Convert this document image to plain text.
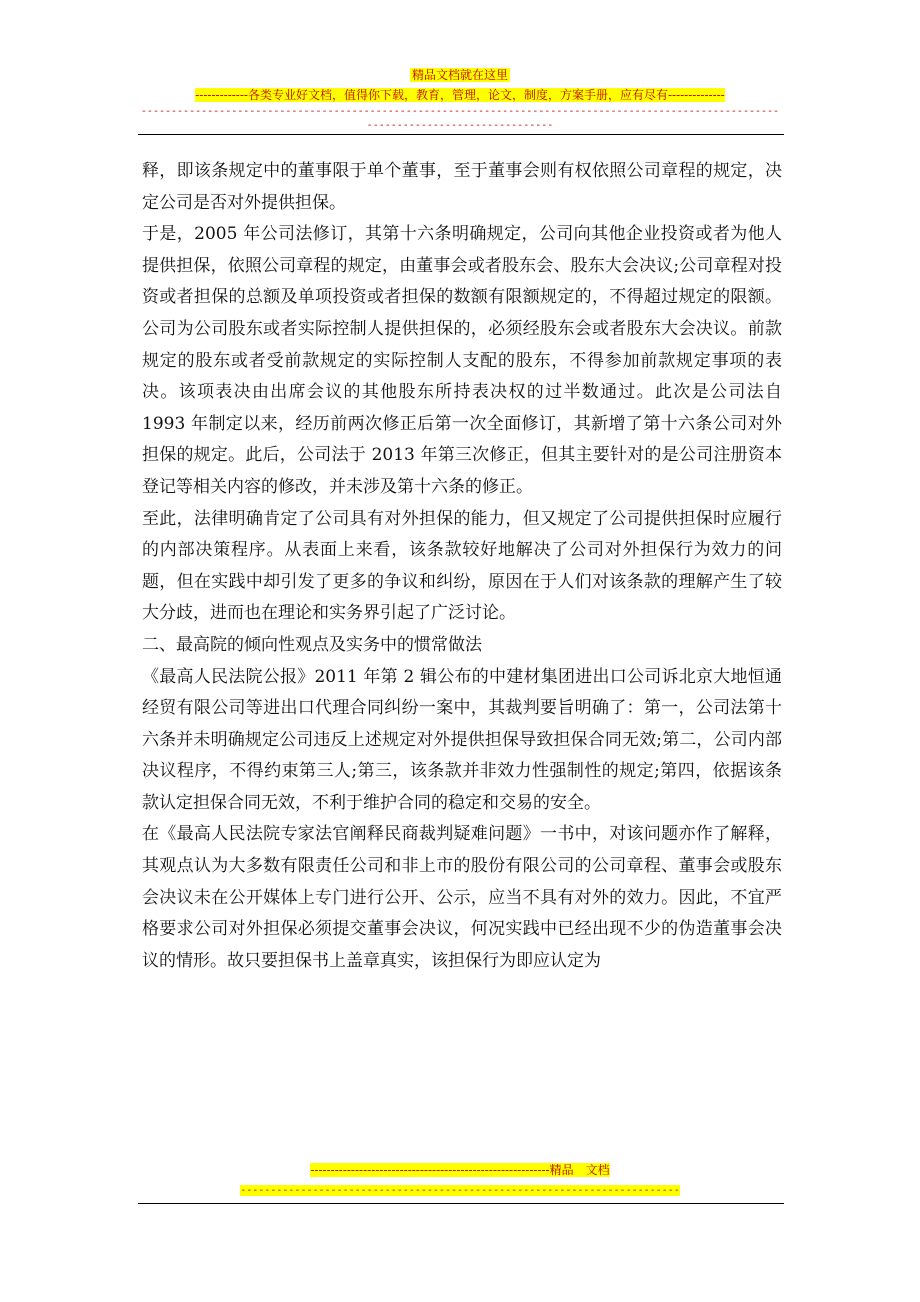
精品文档就在这里
-------------各类专业好文档，值得你下载，教育，管理，论文，制度，方案手册，应有尽有--------------
-----------------------------------------------------------------------------------------------------------------------------------------

释，即该条规定中的董事限于单个董事，至于董事会则有权依照公司章程的规定，决定公司是否对外提供担保。

于是，2005 年公司法修订，其第十六条明确规定，公司向其他企业投资或者为他人提供担保，依照公司章程的规定，由董事会或者股东会、股东大会决议;公司章程对投资或者担保的总额及单项投资或者担保的数额有限额规定的，不得超过规定的限额。公司为公司股东或者实际控制人提供担保的，必须经股东会或者股东大会决议。前款规定的股东或者受前款规定的实际控制人支配的股东，不得参加前款规定事项的表决。该项表决由出席会议的其他股东所持表决权的过半数通过。此次是公司法自 1993 年制定以来，经历前两次修正后第一次全面修订，其新增了第十六条公司对外担保的规定。此后，公司法于 2013 年第三次修正，但其主要针对的是公司注册资本登记等相关内容的修改，并未涉及第十六条的修正。

至此，法律明确肯定了公司具有对外担保的能力，但又规定了公司提供担保时应履行的内部决策程序。从表面上来看，该条款较好地解决了公司对外担保行为效力的问题，但在实践中却引发了更多的争议和纠纷，原因在于人们对该条款的理解产生了较大分歧，进而也在理论和实务界引起了广泛讨论。

二、最高院的倾向性观点及实务中的惯常做法

《最高人民法院公报》2011 年第 2 辑公布的中建材集团进出口公司诉北京大地恒通经贸有限公司等进出口代理合同纠纷一案中，其裁判要旨明确了：第一，公司法第十六条并未明确规定公司违反上述规定对外提供担保导致担保合同无效;第二，公司内部决议程序，不得约束第三人;第三，该条款并非效力性强制性的规定;第四，依据该条款认定担保合同无效，不利于维护合同的稳定和交易的安全。

在《最高人民法院专家法官阐释民商裁判疑难问题》一书中，对该问题亦作了解释，其观点认为大多数有限责任公司和非上市的股份有限公司的公司章程、董事会或股东会决议未在公开媒体上专门进行公开、公示，应当不具有对外的效力。因此，不宜严格要求公司对外担保必须提交董事会决议，何况实践中已经出现不少的伪造董事会决议的情形。故只要担保书上盖章真实，该担保行为即应认定为

-----------------------------------------------------------精品　文档
-------------------------------------------------------------------------
